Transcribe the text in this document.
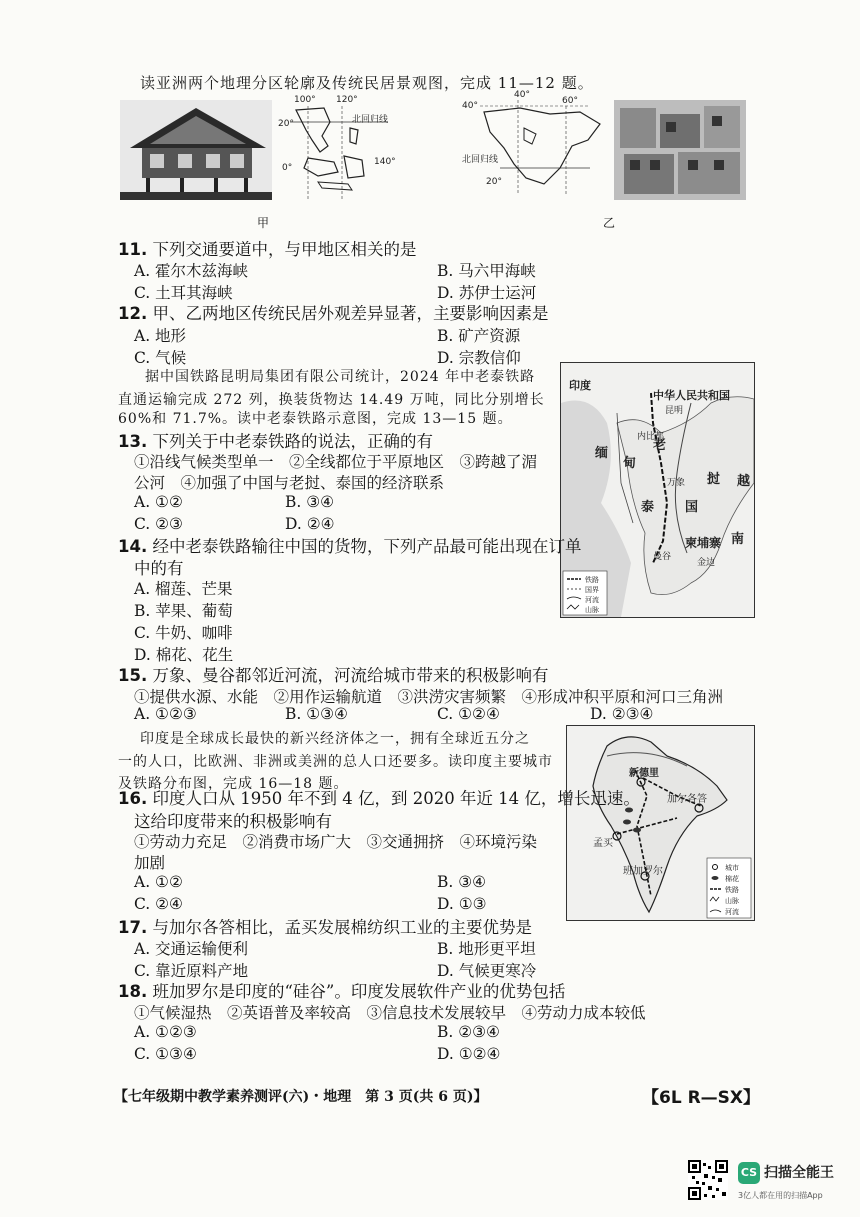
读亚洲两个地理分区轮廓及传统民居景观图，完成 11—12 题。
100° 120°
20°	北回归线
140°
0°
甲
40°
60°
40°
北回归线
20°
乙
11. 下列交通要道中，与甲地区相关的是
A. 霍尔木兹海峡	B. 马六甲海峡
C. 土耳其海峡	D. 苏伊士运河
12. 甲、乙两地区传统民居外观差异显著，主要影响因素是
A. 地形	B. 矿产资源
C. 气候	D. 宗教信仰
据中国铁路昆明局集团有限公司统计，2024 年中老泰铁路
直通运输完成 272 列，换装货物达 14.49 万吨，同比分别增长
60%和 71.7%。读中老泰铁路示意图，完成 13—15 题。
印度
中华人民共和国
昆明
缅
甸
内比都
老
万象
泰 国
挝
曼谷
柬埔寨
金边
越
南
铁路
国界
河流
山脉
13. 下列关于中老泰铁路的说法，正确的有
①沿线气候类型单一　②全线都位于平原地区　③跨越了湄
公河　④加强了中国与老挝、泰国的经济联系
A. ①②	B. ③④
C. ②③	D. ②④
14. 经中老泰铁路输往中国的货物，下列产品最可能出现在订单
中的有
A. 榴莲、芒果
B. 苹果、葡萄
C. 牛奶、咖啡
D. 棉花、花生
15. 万象、曼谷都邻近河流，河流给城市带来的积极影响有
①提供水源、水能　②用作运输航道　③洪涝灾害频繁　④形成冲积平原和河口三角洲
A. ①②③	B. ①③④	C. ①②④	D. ②③④
印度是全球成长最快的新兴经济体之一，拥有全球近五分之
一的人口，比欧洲、非洲或美洲的总人口还要多。读印度主要城市
及铁路分布图，完成 16—18 题。
新德里
加尔各答
孟买
班加罗尔	城市
棉花
铁路
山脉
河流
16. 印度人口从 1950 年不到 4 亿，到 2020 年近 14 亿，增长迅速。
这给印度带来的积极影响有
①劳动力充足　②消费市场广大　③交通拥挤　④环境污染
加剧
A. ①②	B. ③④
C. ②④	D. ①③
17. 与加尔各答相比，孟买发展棉纺织工业的主要优势是
A. 交通运输便利	B. 地形更平坦
C. 靠近原料产地	D. 气候更寒冷
18. 班加罗尔是印度的“硅谷”。印度发展软件产业的优势包括
①气候湿热　②英语普及率较高　③信息技术发展较早　④劳动力成本较低
A. ①②③	B. ②③④
C. ①③④	D. ①②④
【七年级期中教学素养测评(六)・地理　第 3 页(共 6 页)】	【6L R—SX】
CS 扫描全能王
3亿人都在用的扫描App
